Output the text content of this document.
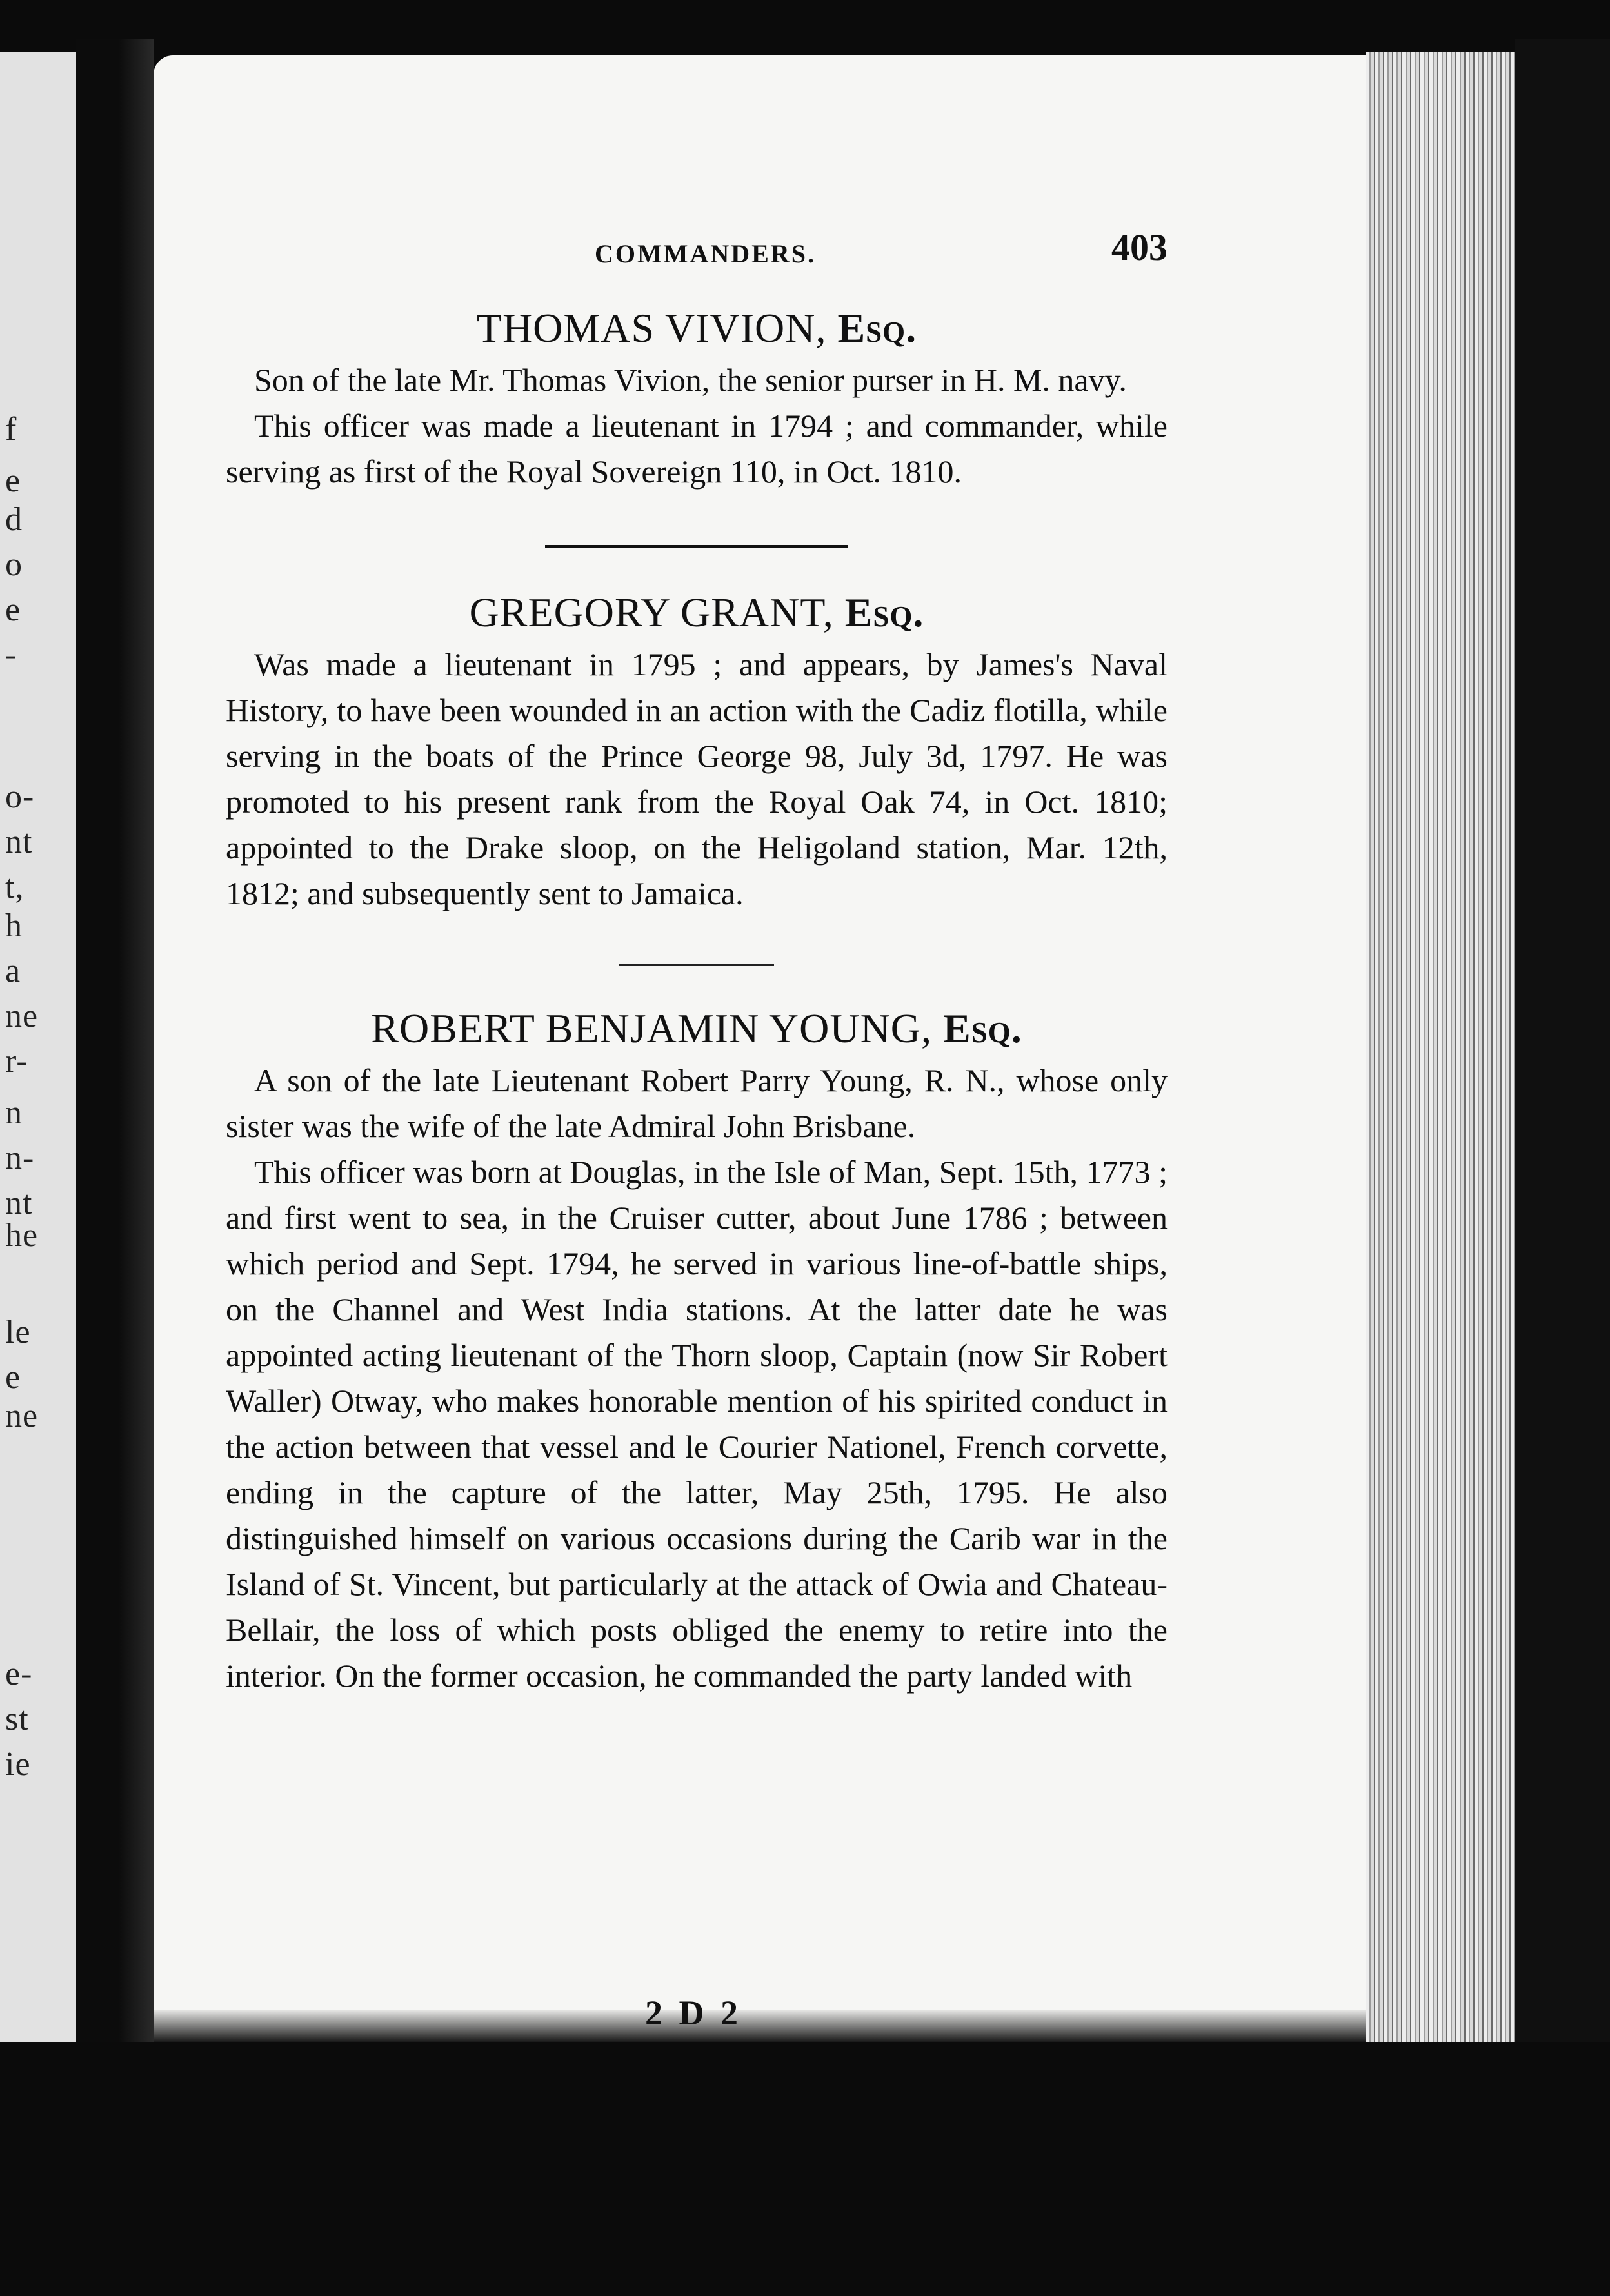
f
e
d
o
e
-
o-
nt
t,
h
a
ne
r-
n
n-
nt
he
le
e
ne
e-
st
ie
COMMANDERS.	403
THOMAS VIVION, Esq.

Son of the late Mr. Thomas Vivion, the senior purser in H. M. navy.

This officer was made a lieutenant in 1794 ; and commander, while serving as first of the Royal Sovereign 110, in Oct. 1810.

GREGORY GRANT, Esq.

Was made a lieutenant in 1795 ; and appears, by James's Naval History, to have been wounded in an action with the Cadiz flotilla, while serving in the boats of the Prince George 98, July 3d, 1797. He was promoted to his present rank from the Royal Oak 74, in Oct. 1810; appointed to the Drake sloop, on the Heligoland station, Mar. 12th, 1812; and subsequently sent to Jamaica.

ROBERT BENJAMIN YOUNG, Esq.

A son of the late Lieutenant Robert Parry Young, R. N., whose only sister was the wife of the late Admiral John Brisbane.

This officer was born at Douglas, in the Isle of Man, Sept. 15th, 1773 ; and first went to sea, in the Cruiser cutter, about June 1786 ; between which period and Sept. 1794, he served in various line-of-battle ships, on the Channel and West India stations. At the latter date he was appointed acting lieutenant of the Thorn sloop, Captain (now Sir Robert Waller) Otway, who makes honorable mention of his spirited conduct in the action between that vessel and le Courier Nationel, French corvette, ending in the capture of the latter, May 25th, 1795. He also distinguished himself on various occasions during the Carib war in the Island of St. Vincent, but particularly at the attack of Owia and Chateau-Bellair, the loss of which posts obliged the enemy to retire into the interior. On the former occasion, he commanded the party landed with

2 D 2
